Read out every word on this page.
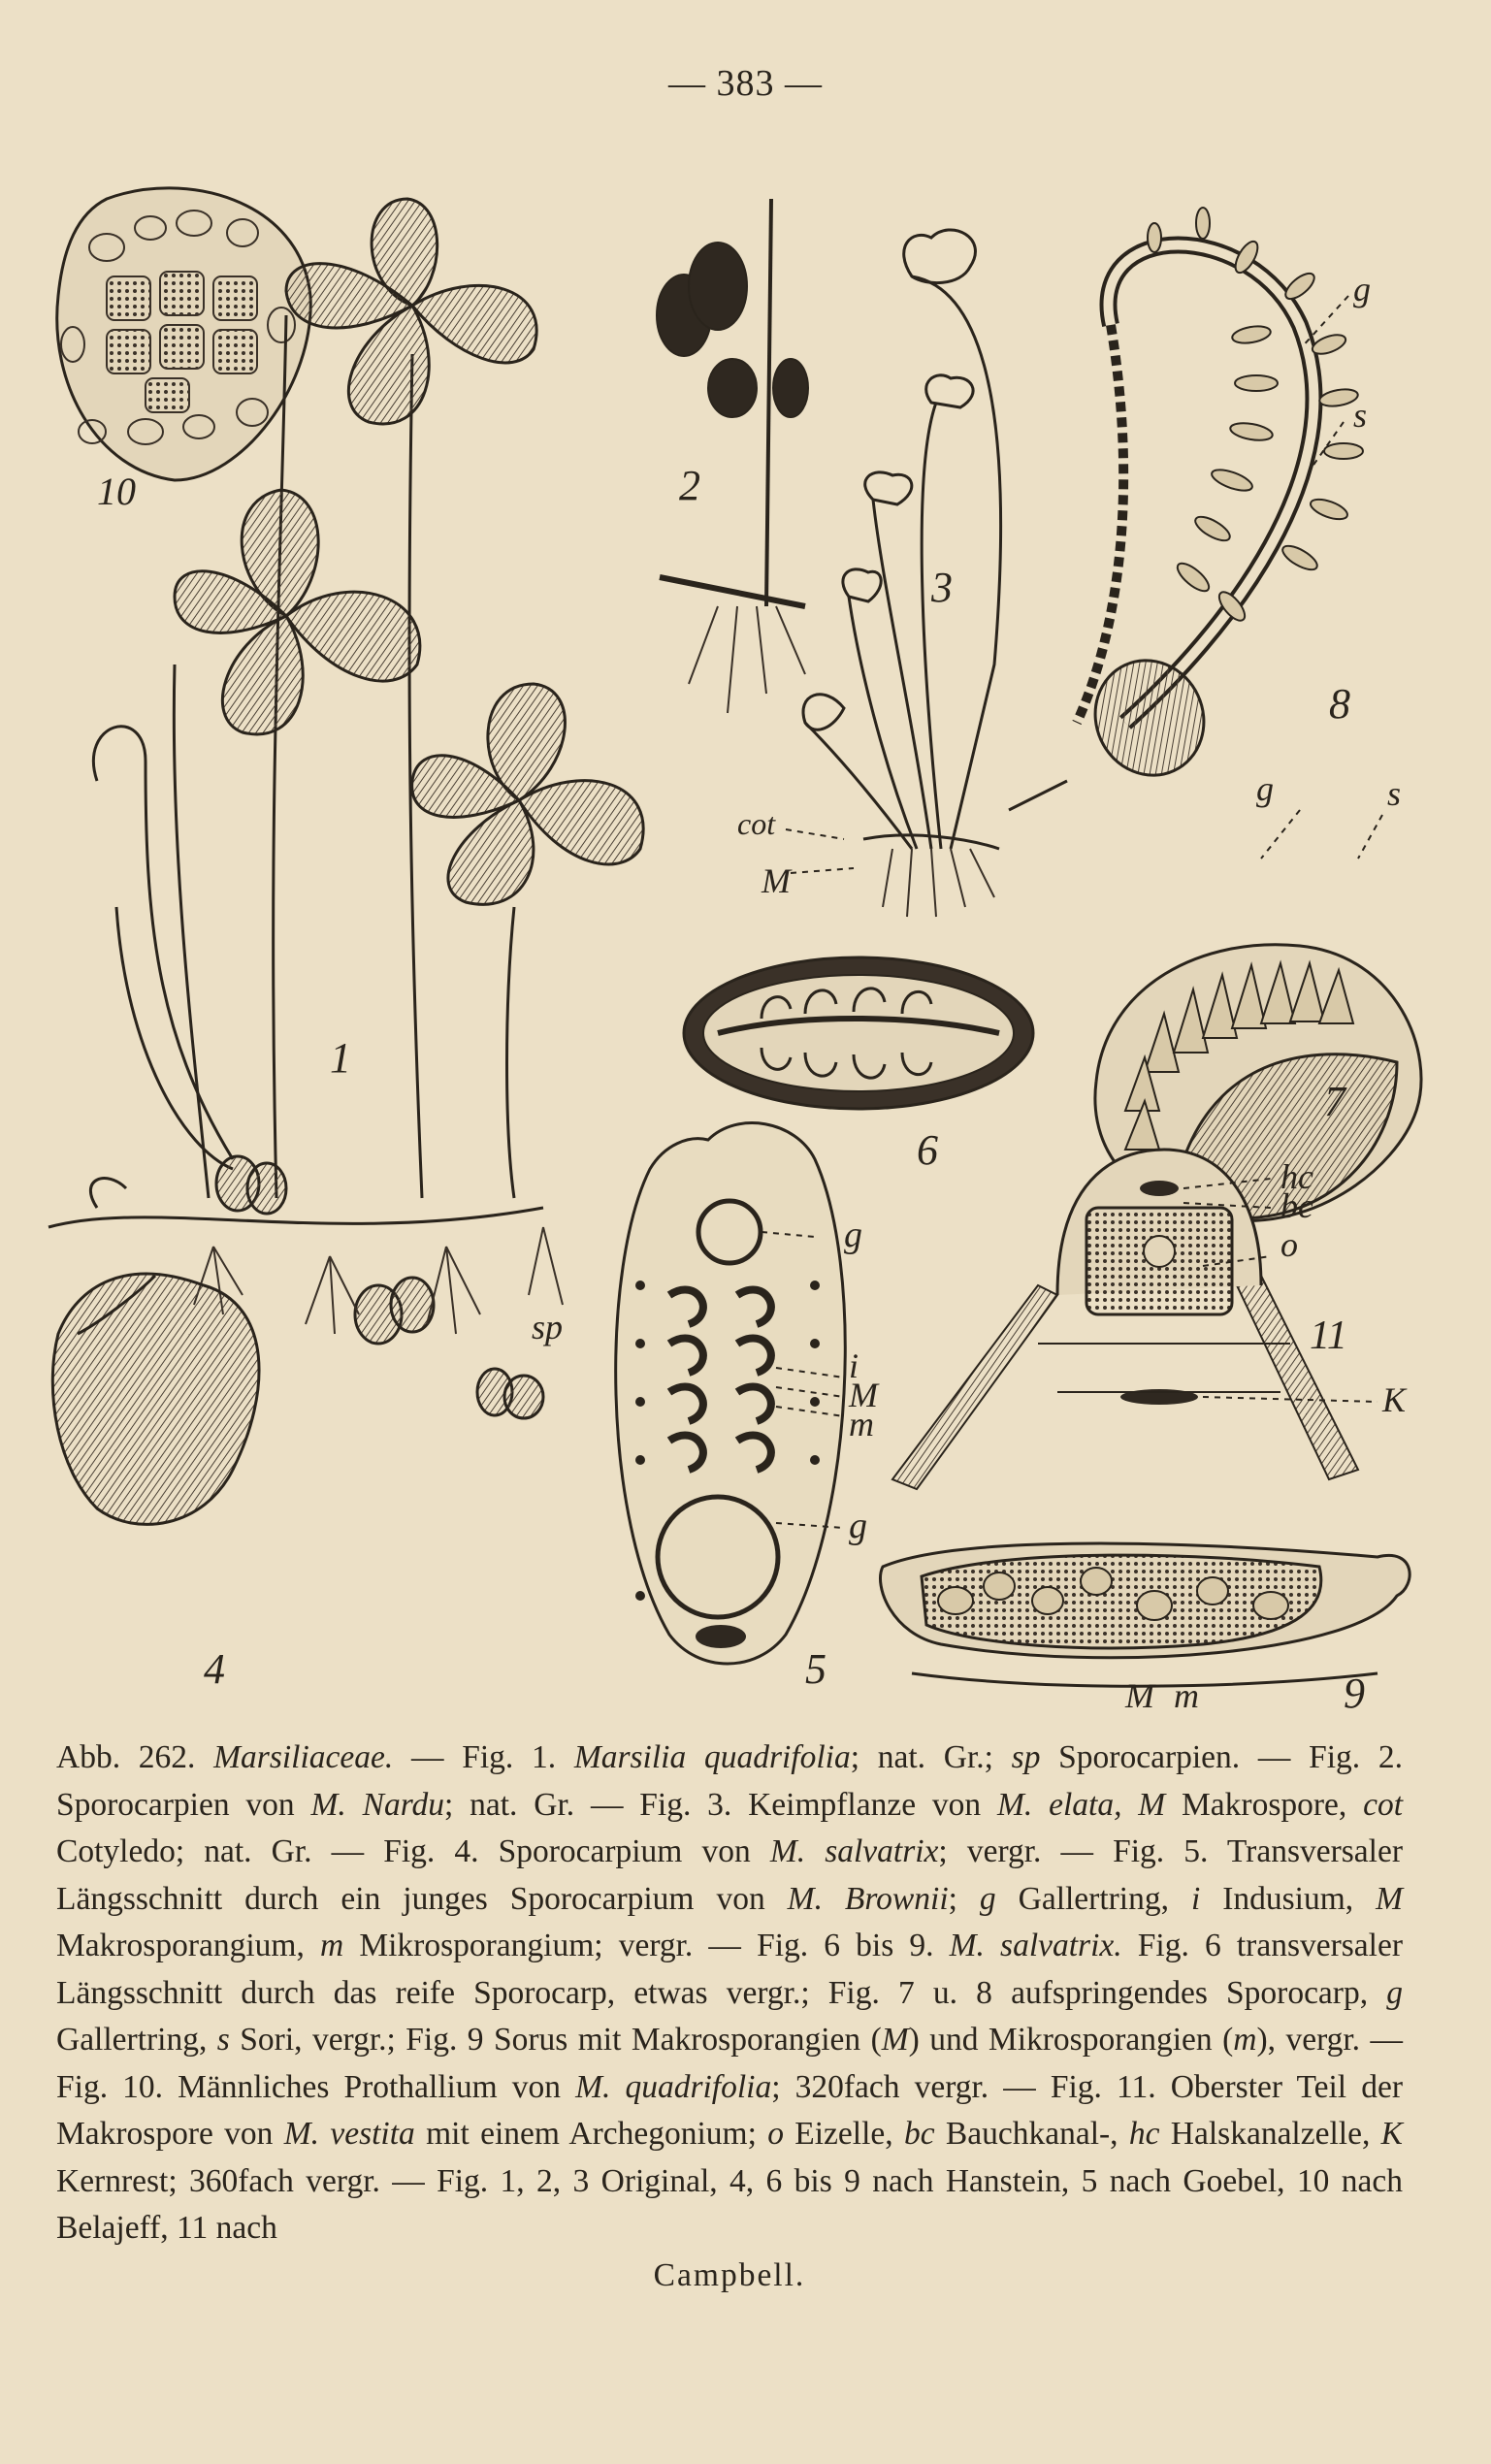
— 383 —
1
2
3
4	5
6
7
8
9
10
11
sp
cot
M
g
i
M
m
g
g	s
g
s
hc
bc
o
K
M m
Abb. 262. Marsiliaceae. — Fig. 1. Marsilia quadrifolia; nat. Gr.; sp Sporocarpien. — Fig. 2. Sporocarpien von M. Nardu; nat. Gr. — Fig. 3. Keimpflanze von M. elata, M Makrospore, cot Cotyledo; nat. Gr. — Fig. 4. Sporocarpium von M. salvatrix; vergr. — Fig. 5. Transversaler Längsschnitt durch ein junges Sporocarpium von M. Brownii; g Gallertring, i Indusium, M Makrosporangium, m Mikrosporangium; vergr. — Fig. 6 bis 9. M. salvatrix. Fig. 6 transversaler Längsschnitt durch das reife Sporocarp, etwas vergr.; Fig. 7 u. 8 aufspringendes Sporocarp, g Gallertring, s Sori, vergr.; Fig. 9 Sorus mit Makrosporangien (M) und Mikrosporangien (m), vergr. — Fig. 10. Männliches Prothallium von M. quadrifolia; 320fach vergr. — Fig. 11. Oberster Teil der Makrospore von M. vestita mit einem Archegonium; o Eizelle, bc Bauchkanal-, hc Halskanalzelle, K Kernrest; 360fach vergr. — Fig. 1, 2, 3 Original, 4, 6 bis 9 nach Hanstein, 5 nach Goebel, 10 nach Belajeff, 11 nach
Campbell.
